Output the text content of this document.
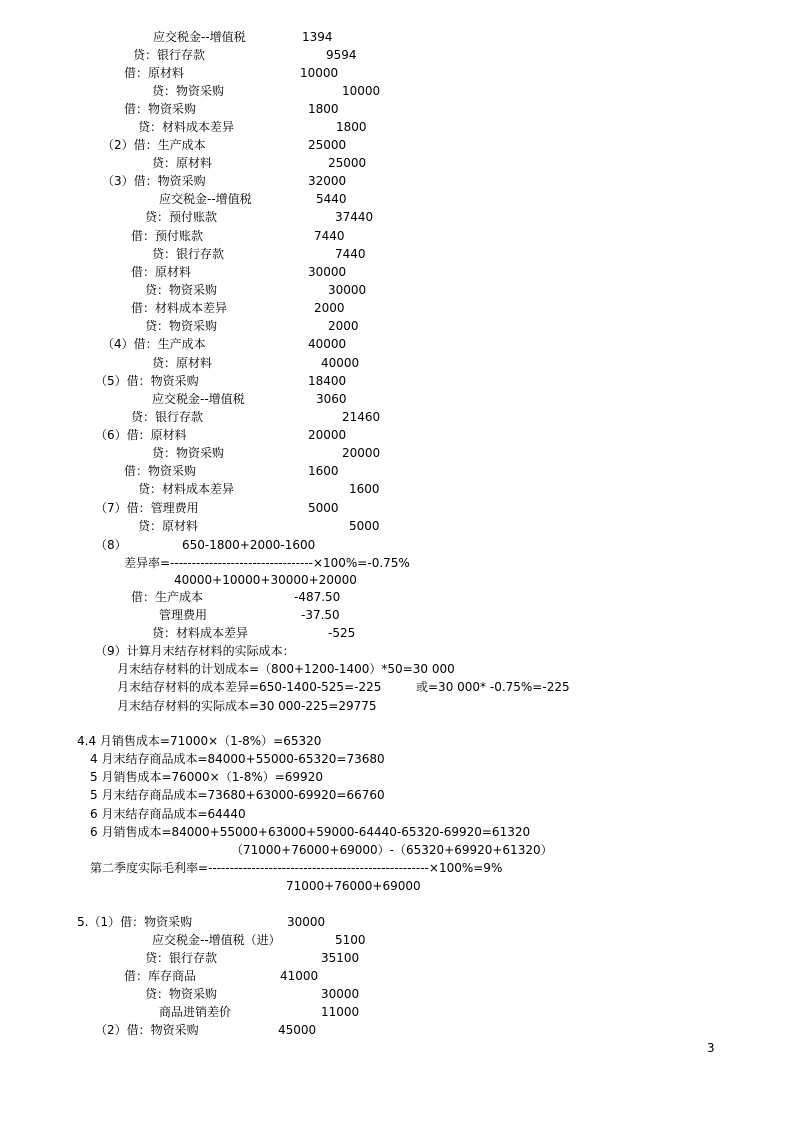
应交税金--增值税	1394
贷：银行存款	9594
借：原材料	10000
贷：物资采购	10000
借：物资采购	1800
贷：材料成本差异	1800
（2）借：生产成本	25000
贷：原材料	25000
（3）借：物资采购	32000
应交税金--增值税	5440
贷：预付账款	37440
借：预付账款	7440
贷：银行存款	7440
借：原材料	30000
贷：物资采购	30000
借：材料成本差异	2000
贷：物资采购	2000
（4）借：生产成本	40000
贷：原材料	40000
（5）借：物资采购	18400
应交税金--增值税	3060
贷：银行存款	21460
（6）借：原材料	20000
贷：物资采购	20000
借：物资采购	1600
贷：材料成本差异	1600
（7）借：管理费用	5000
贷：原材料	5000
（8）	650-1800+2000-1600
差异率=---------------------------------×100%=-0.75%
40000+10000+30000+20000
借：生产成本	-487.50
管理费用	-37.50
贷：材料成本差异	-525
（9）计算月末结存材料的实际成本：
月末结存材料的计划成本=（800+1200-1400）*50=30 000
月末结存材料的成本差异=650-1400-525=-225	或=30 000* -0.75%=-225
月末结存材料的实际成本=30 000-225=29775
4.4 月销售成本=71000×（1-8%）=65320
4 月末结存商品成本=84000+55000-65320=73680
5 月销售成本=76000×（1-8%）=69920
5 月末结存商品成本=73680+63000-69920=66760
6 月末结存商品成本=64440
6 月销售成本=84000+55000+63000+59000-64440-65320-69920=61320
（71000+76000+69000）-（65320+69920+61320）
第二季度实际毛利率=---------------------------------------------------×100%=9%
71000+76000+69000
5.（1）借：物资采购	30000
应交税金--增值税（进）	5100
贷：银行存款	35100
借：库存商品	41000
贷：物资采购	30000
商品进销差价	11000
（2）借：物资采购	45000
3
